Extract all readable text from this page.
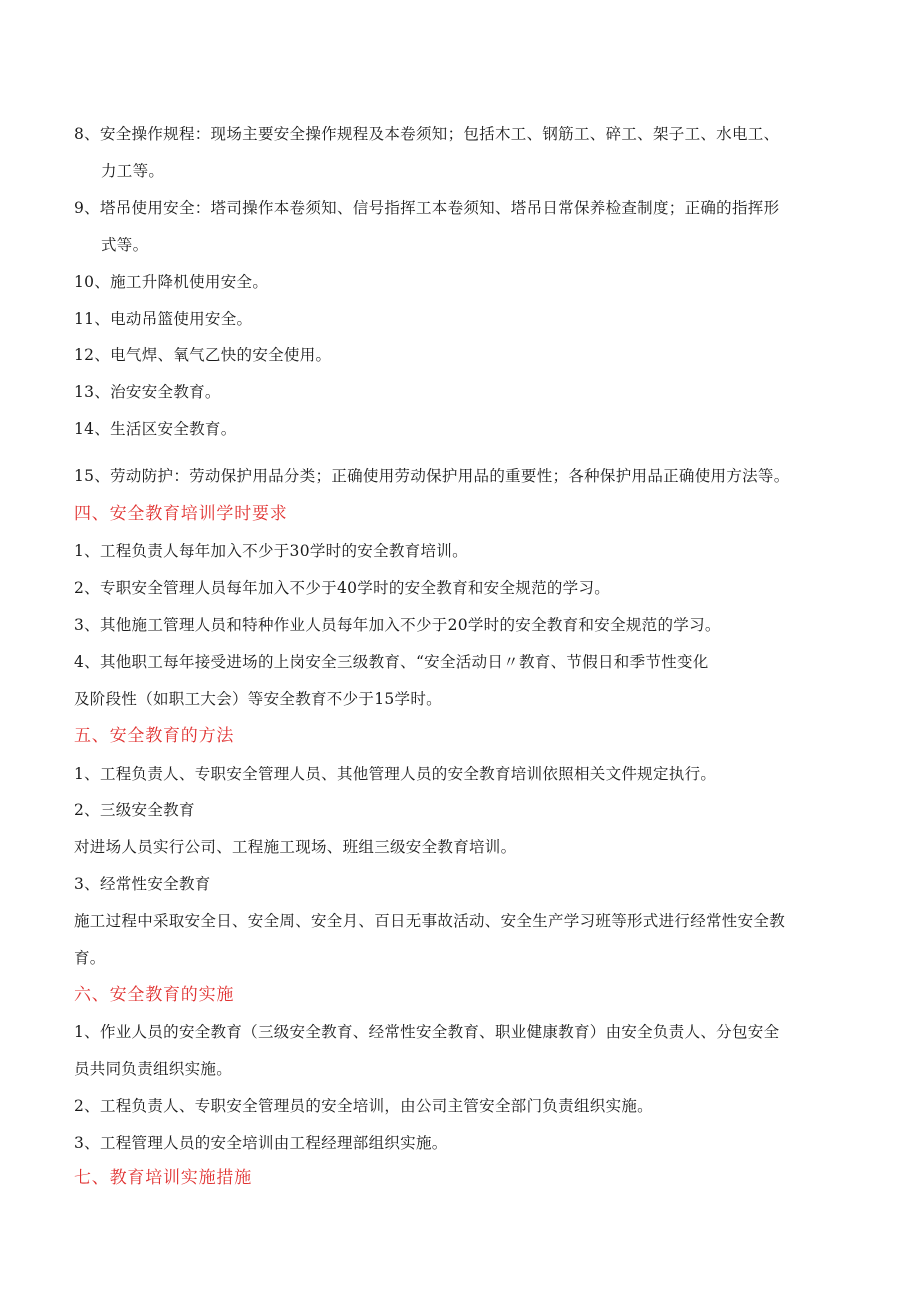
8、安全操作规程：现场主要安全操作规程及本卷须知；包括木工、钢筋工、碎工、架子工、水电工、
力工等。
9、塔吊使用安全：塔司操作本卷须知、信号指挥工本卷须知、塔吊日常保养检查制度；正确的指挥形
式等。
10、施工升降机使用安全。
11、电动吊篮使用安全。
12、电气焊、氧气乙快的安全使用。
13、治安安全教育。
14、生活区安全教育。
15、劳动防护：劳动保护用品分类；正确使用劳动保护用品的重要性；各种保护用品正确使用方法等。
四、安全教育培训学时要求
1、工程负责人每年加入不少于30学时的安全教育培训。
2、专职安全管理人员每年加入不少于40学时的安全教育和安全规范的学习。
3、其他施工管理人员和特种作业人员每年加入不少于20学时的安全教育和安全规范的学习。
4、其他职工每年接受进场的上岗安全三级教育、“安全活动日〃教育、节假日和季节性变化
及阶段性（如职工大会）等安全教育不少于15学时。
五、安全教育的方法
1、工程负责人、专职安全管理人员、其他管理人员的安全教育培训依照相关文件规定执行。
2、三级安全教育
对进场人员实行公司、工程施工现场、班组三级安全教育培训。
3、经常性安全教育
施工过程中采取安全日、安全周、安全月、百日无事故活动、安全生产学习班等形式进行经常性安全教
育。
六、安全教育的实施
1、作业人员的安全教育（三级安全教育、经常性安全教育、职业健康教育）由安全负责人、分包安全
员共同负责组织实施。
2、工程负责人、专职安全管理员的安全培训，由公司主管安全部门负责组织实施。
3、工程管理人员的安全培训由工程经理部组织实施。
七、教育培训实施措施
